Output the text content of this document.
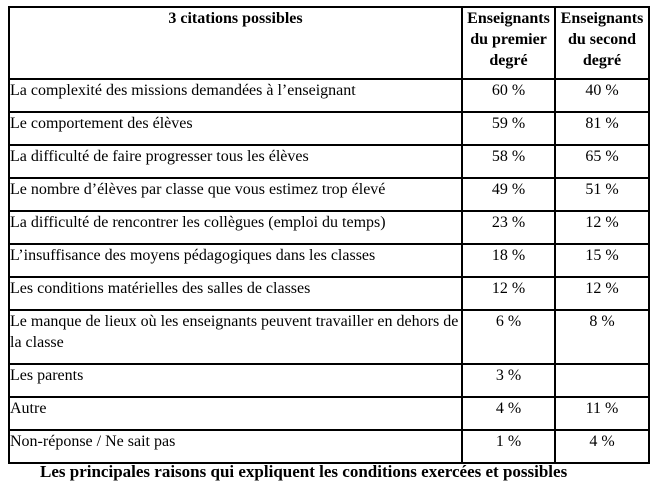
3 citations possibles	Enseignants du premier degré	Enseignants du second degré
La complexité des missions demandées à l’enseignant	60 %	40 %
Le comportement des élèves	59 %	81 %
La difficulté de faire progresser tous les élèves	58 %	65 %
Le nombre d’élèves par classe que vous estimez trop élevé	49 %	51 %
La difficulté de rencontrer les collègues (emploi du temps)	23 %	12 %
L’insuffisance des moyens pédagogiques dans les classes	18 %	15 %
Les conditions matérielles des salles de classes	12 %	12 %
Le manque de lieux où les enseignants peuvent travailler en dehors de la classe	6 %	8 %
Les parents	3 %	
Autre	4 %	11 %
Non-réponse / Ne sait pas	1 %	4 %
Les principales raisons qui expliquent les conditions exercées et possibles
